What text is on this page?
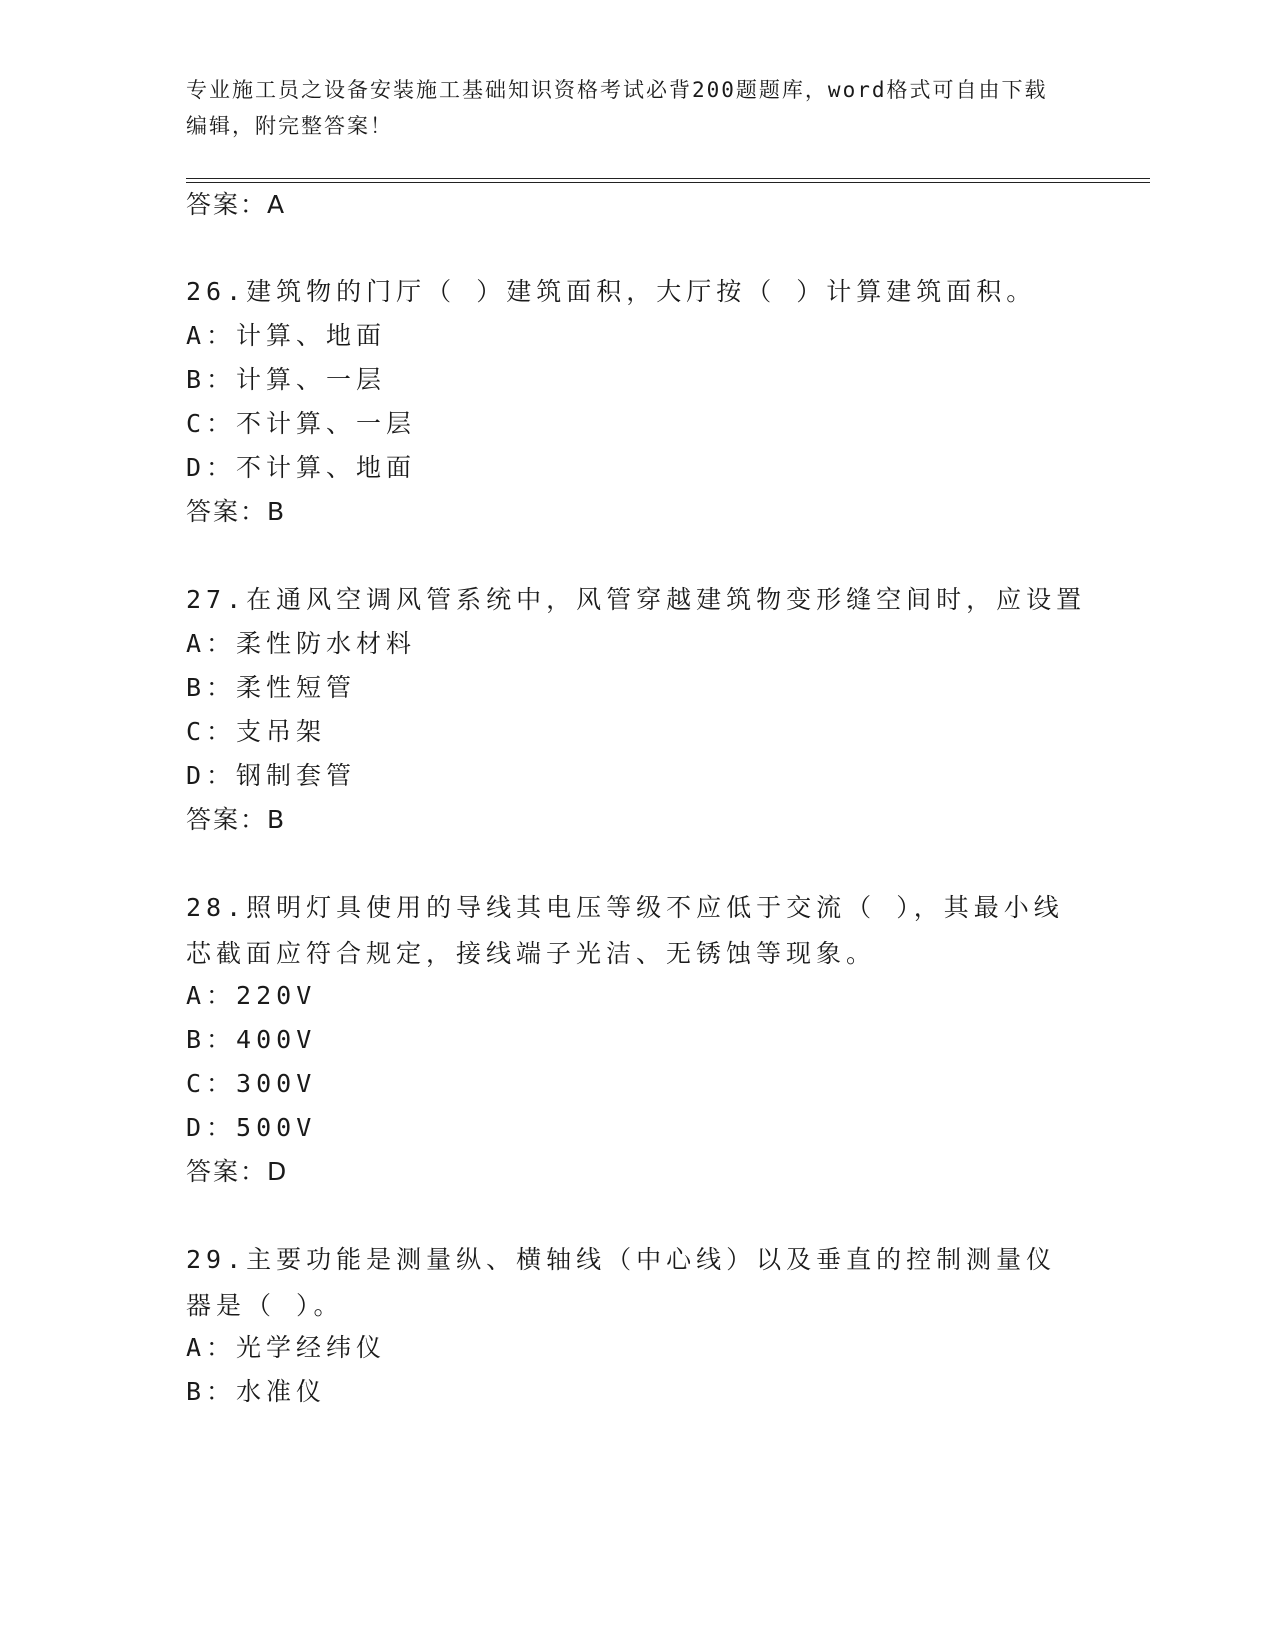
专业施工员之设备安装施工基础知识资格考试必背200题题库，word格式可自由下载编辑，附完整答案！
答案：A
26.建筑物的门厅（ ）建筑面积，大厅按（ ）计算建筑面积。
A：计算、地面
B：计算、一层
C：不计算、一层
D：不计算、地面
答案：B
27.在通风空调风管系统中，风管穿越建筑物变形缝空间时，应设置
A：柔性防水材料
B：柔性短管
C：支吊架
D：钢制套管
答案：B
28.照明灯具使用的导线其电压等级不应低于交流（ ），其最小线芯截面应符合规定，接线端子光洁、无锈蚀等现象。
A：220V
B：400V
C：300V
D：500V
答案：D
29.主要功能是测量纵、横轴线（中心线）以及垂直的控制测量仪器是（ ）。
A：光学经纬仪
B：水准仪
